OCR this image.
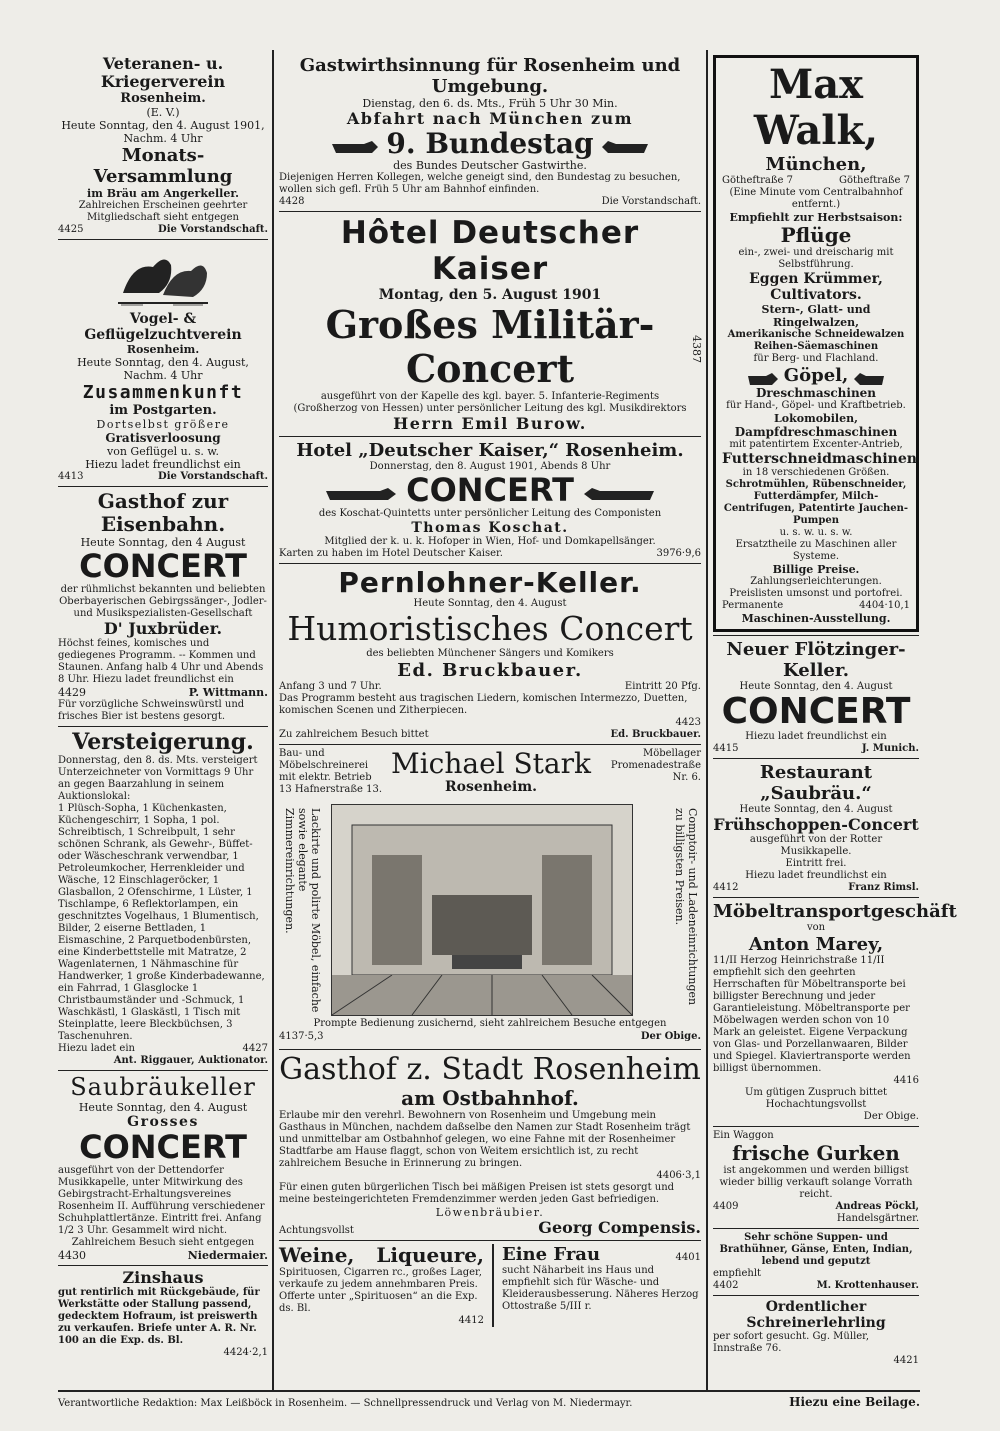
Veteranen- u. Kriegerverein
Rosenheim.
(E. V.)
Heute Sonntag, den 4. August 1901,
Nachm. 4 Uhr
Monats-Versammlung
im Bräu am Angerkeller.
Zahlreichen Erscheinen geehrter Mitgliedschaft sieht entgegen
4425	Die Vorstandschaft.
Vogel- & Geflügelzuchtverein
Rosenheim.
Heute Sonntag, den 4. August,
Nachm. 4 Uhr
Zusammenkunft
im Postgarten.
Dortselbst größere
Gratisverloosung
von Geflügel u. s. w.
Hiezu ladet freundlichst ein
4413	Die Vorstandschaft.
Gasthof zur Eisenbahn.
Heute Sonntag, den 4 August
CONCERT
der rühmlichst bekannten und beliebten Oberbayerischen Gebirgssänger-, Jodler- und Musikspezialisten-Gesellschaft
D' Juxbrüder.
Höchst feines, komisches und gediegenes Programm. -- Kommen und Staunen. Anfang halb 4 Uhr und Abends 8 Uhr. Hiezu ladet freundlichst ein
4429	P. Wittmann.
Für vorzügliche Schweinswürstl und frisches Bier ist bestens gesorgt.
Versteigerung.
Donnerstag, den 8. ds. Mts. versteigert Unterzeichneter von Vormittags 9 Uhr an gegen Baarzahlung in seinem Auktionslokal:
1 Plüsch-Sopha, 1 Küchenkasten, Küchengeschirr, 1 Sopha, 1 pol. Schreibtisch, 1 Schreibpult, 1 sehr schönen Schrank, als Gewehr-, Büffet- oder Wäscheschrank verwendbar, 1 Petroleumkocher, Herrenkleider und Wäsche, 12 Einschlageröcker, 1 Glasballon, 2 Ofenschirme, 1 Lüster, 1 Tischlampe, 6 Reflektorlampen, ein geschnitztes Vogelhaus, 1 Blumentisch, Bilder, 2 eiserne Bettladen, 1 Eismaschine, 2 Parquetbodenbürsten, eine Kinderbettstelle mit Matratze, 2 Wagenlaternen, 1 Nähmaschine für Handwerker, 1 große Kinderbadewanne, ein Fahrrad, 1 Glasglocke 1 Christbaumständer und -Schmuck, 1 Waschkästl, 1 Glaskästl, 1 Tisch mit Steinplatte, leere Bleckbüchsen, 3 Taschenuhren.
Hiezu ladet ein	4427
Ant. Riggauer, Auktionator.
Saubräukeller
Heute Sonntag, den 4. August
Grosses
CONCERT
ausgeführt von der Dettendorfer Musikkapelle, unter Mitwirkung des Gebirgstracht-Erhaltungsvereines Rosenheim II. Aufführung verschiedener Schuhplattlertänze. Eintritt frei. Anfang 1/2 3 Uhr. Gesammelt wird nicht.
Zahlreichem Besuch sieht entgegen
4430	Niedermaier.
Zinshaus
gut rentirlich mit Rückgebäude, für Werkstätte oder Stallung passend, gedecktem Hofraum, ist preiswerth zu verkaufen. Briefe unter A. R. Nr. 100 an die Exp. ds. Bl.
4424·2,1
Gastwirthsinnung für Rosenheim und Umgebung.
Dienstag, den 6. ds. Mts., Früh 5 Uhr 30 Min.
Abfahrt nach München zum
9. Bundestag
des Bundes Deutscher Gastwirthe.
Diejenigen Herren Kollegen, welche geneigt sind, den Bundestag zu besuchen, wollen sich gefl. Früh 5 Uhr am Bahnhof einfinden.
4428	Die Vorstandschaft.
Hôtel Deutscher Kaiser
Montag, den 5. August 1901
Großes Militär-Concert
ausgeführt von der Kapelle des kgl. bayer. 5. Infanterie-Regiments
(Großherzog von Hessen) unter persönlicher Leitung des kgl. Musikdirektors
Herrn Emil Burow.
4387
Hotel „Deutscher Kaiser,“ Rosenheim.
Donnerstag, den 8. August 1901, Abends 8 Uhr
CONCERT
des Koschat-Quintetts unter persönlicher Leitung des Componisten
Thomas Koschat.
Mitglied der k. u. k. Hofoper in Wien, Hof- und Domkapellsänger.
Karten zu haben im Hotel Deutscher Kaiser.	3976·9,6
Pernlohner-Keller.
Heute Sonntag, den 4. August
Humoristisches Concert
des beliebten Münchener Sängers und Komikers
Ed. Bruckbauer.
Anfang 3 und 7 Uhr.	Eintritt 20 Pfg.
Das Programm besteht aus tragischen Liedern, komischen Intermezzo, Duetten, komischen Scenen und Zitherpiecen.
4423
Zu zahlreichem Besuch bittet	Ed. Bruckbauer.
Bau- und Möbelschreinerei
mit elektr. Betrieb
13 Hafnerstraße 13.
Michael Stark
Rosenheim.
Möbellager
Promenadestraße
Nr. 6.
Lackirte und polirte Möbel, einfache sowie elegante Zimmereinrichtungen.	Comptoir- und Ladeneinrichtungen zu billigsten Preisen.
Prompte Bedienung zusichernd, sieht zahlreichem Besuche entgegen
4137·5,3	Der Obige.
Gasthof z. Stadt Rosenheim
am Ostbahnhof.
Erlaube mir den verehrl. Bewohnern von Rosenheim und Umgebung mein Gasthaus in München, nachdem daßselbe den Namen zur Stadt Rosenheim trägt und unmittelbar am Ostbahnhof gelegen, wo eine Fahne mit der Rosenheimer Stadtfarbe am Hause flaggt, schon von Weitem ersichtlich ist, zu recht zahlreichem Besuche in Erinnerung zu bringen.
4406·3,1
Für einen guten bürgerlichen Tisch bei mäßigen Preisen ist stets gesorgt und meine besteingerichteten Fremdenzimmer werden jeden Gast befriedigen.
Löwenbräubier.
Achtungsvollst	Georg Compensis.
Weine, Liqueure,
Spirituosen, Cigarren rc., großes Lager, verkaufe zu jedem annehmbaren Preis. Offerte unter „Spirituosen“ an die Exp. ds. Bl.
4412
Eine Frau	4401
sucht Näharbeit ins Haus und empfiehlt sich für Wäsche- und Kleiderausbesserung. Näheres Herzog Ottostraße 5/III r.
Max Walk,
München,
Götheftraße 7	Götheftraße 7
(Eine Minute vom Centralbahnhof entfernt.)
Empfiehlt zur Herbstsaison:
Pflüge
ein-, zwei- und dreischarig mit Selbstführung.
Eggen Krümmer, Cultivators.
Stern-, Glatt- und Ringelwalzen,
Amerikanische Schneidewalzen
Reihen-Säemaschinen
für Berg- und Flachland.
Göpel,
Dreschmaschinen
für Hand-, Göpel- und Kraftbetrieb.
Lokomobilen,
Dampfdreschmaschinen
mit patentirtem Excenter-Antrieb,
Futterschneidmaschinen
in 18 verschiedenen Größen.
Schrotmühlen, Rübenschneider, Futterdämpfer, Milch-Centrifugen, Patentirte Jauchen-Pumpen
u. s. w. u. s. w.
Ersatztheile zu Maschinen aller Systeme.
Billige Preise.
Zahlungserleichterungen.
Preislisten umsonst und portofrei.
Permanente	4404·10,1
Maschinen-Ausstellung.
Neuer Flötzinger-Keller.
Heute Sonntag, den 4. August
CONCERT
Hiezu ladet freundlichst ein
4415	J. Munich.
Restaurant „Saubräu.“
Heute Sonntag, den 4. August
Frühschoppen-Concert
ausgeführt von der Rotter Musikkapelle.
Eintritt frei.
Hiezu ladet freundlichst ein
4412	Franz Rimsl.
Möbeltransportgeschäft
von
Anton Marey,
11/II Herzog Heinrichstraße 11/II empfiehlt sich den geehrten Herrschaften für Möbeltransporte bei billigster Berechnung und jeder Garantieleistung. Möbeltransporte per Möbelwagen werden schon von 10 Mark an geleistet. Eigene Verpackung von Glas- und Porzellanwaaren, Bilder und Spiegel. Klaviertransporte werden billigst übernommen.
4416
Um gütigen Zuspruch bittet Hochachtungsvollst
Der Obige.
Ein Waggon
frische Gurken
ist angekommen und werden billigst wieder billig verkauft solange Vorrath reicht.
4409	Andreas Pöckl,
Handelsgärtner.
Sehr schöne Suppen- und Brathühner, Gänse, Enten, Indian, lebend und geputzt
empfiehlt
4402	M. Krottenhauser.
Ordentlicher Schreinerlehrling
per sofort gesucht. Gg. Müller, Innstraße 76.
4421
Verantwortliche Redaktion: Max Leißböck in Rosenheim. — Schnellpressendruck und Verlag von M. Niedermayr.	Hiezu eine Beilage.
